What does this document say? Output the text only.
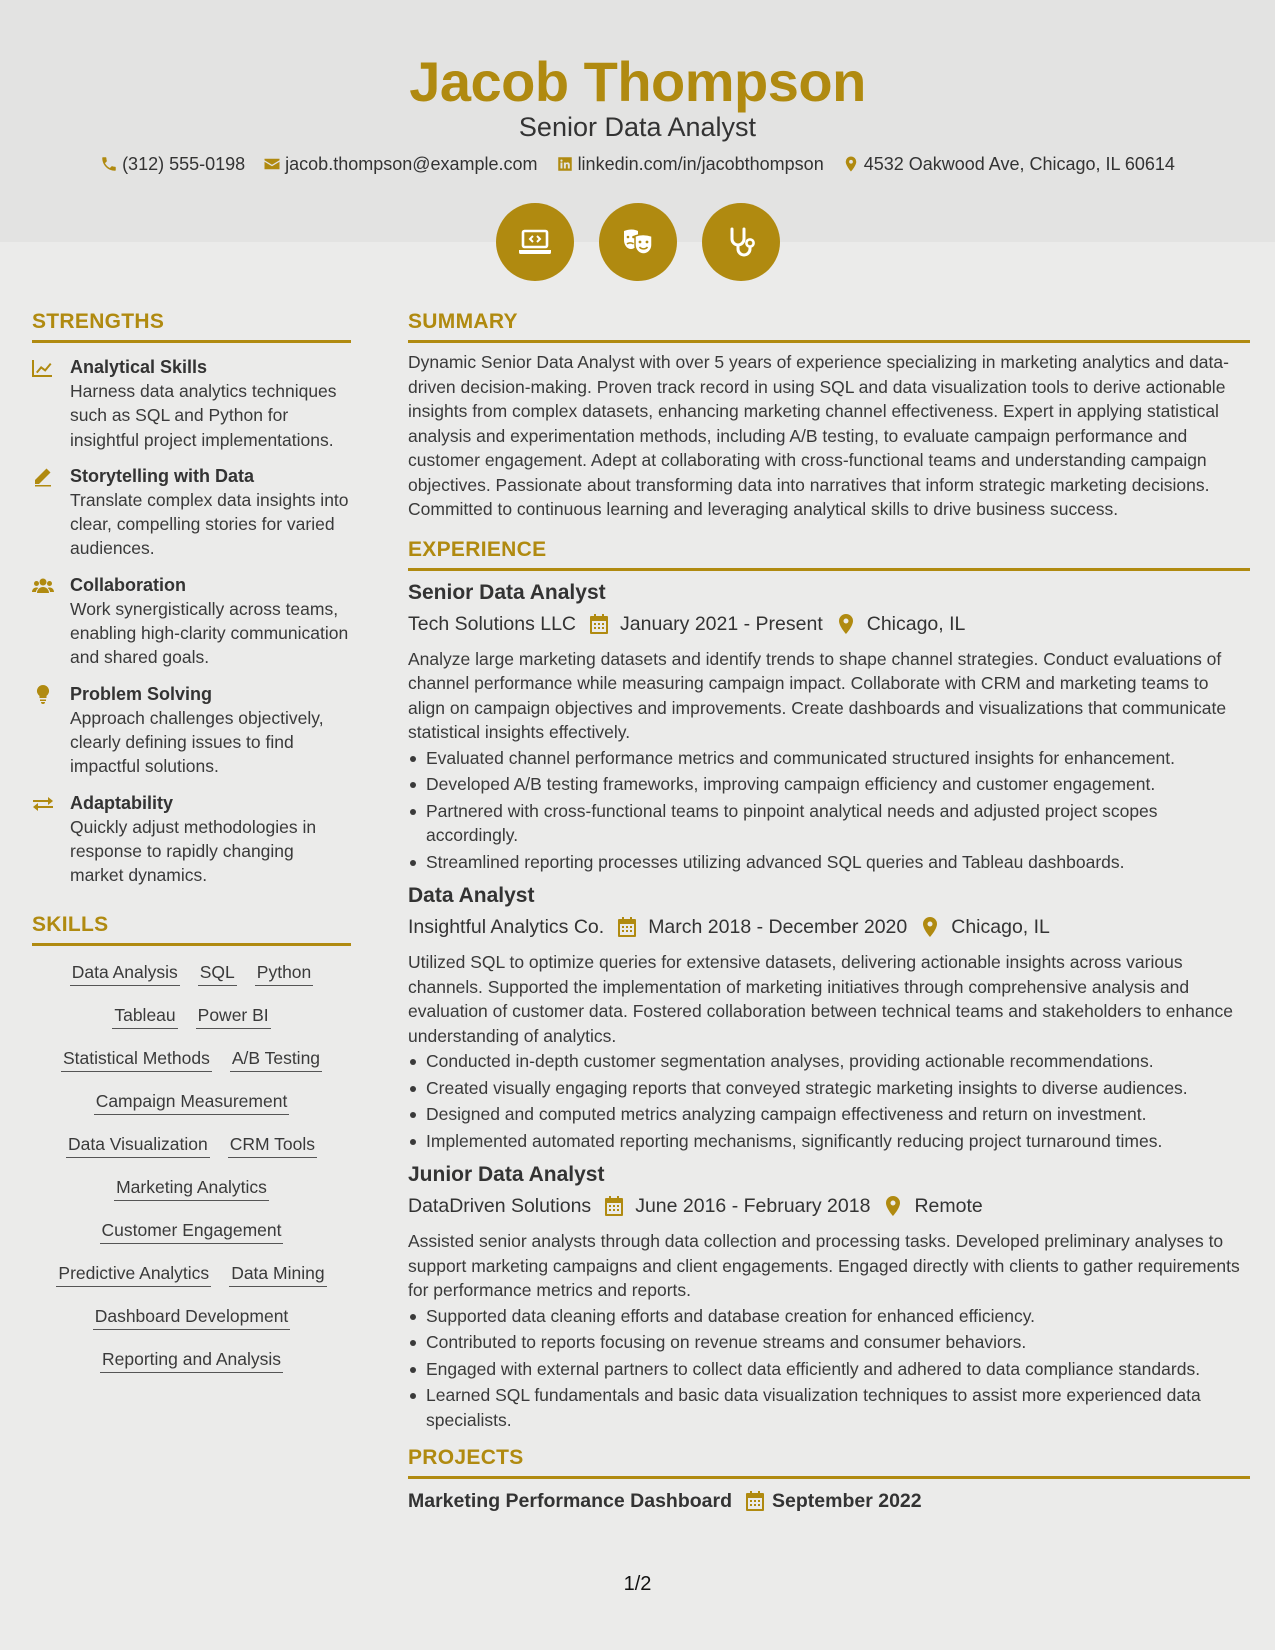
Jacob Thompson
Senior Data Analyst
(312) 555-0198 jacob.thompson@example.com linkedin.com/in/jacobthompson 4532 Oakwood Ave, Chicago, IL 60614
STRENGTHS
Analytical Skills
Harness data analytics techniques such as SQL and Python for insightful project implementations.
Storytelling with Data
Translate complex data insights into clear, compelling stories for varied audiences.
Collaboration
Work synergistically across teams, enabling high-clarity communication and shared goals.
Problem Solving
Approach challenges objectively, clearly defining issues to find impactful solutions.
Adaptability
Quickly adjust methodologies in response to rapidly changing market dynamics.
SKILLS
Data Analysis SQL Python
Tableau Power BI
Statistical Methods A/B Testing
Campaign Measurement
Data Visualization CRM Tools
Marketing Analytics
Customer Engagement
Predictive Analytics Data Mining
Dashboard Development
Reporting and Analysis
SUMMARY
Dynamic Senior Data Analyst with over 5 years of experience specializing in marketing analytics and data-driven decision-making. Proven track record in using SQL and data visualization tools to derive actionable insights from complex datasets, enhancing marketing channel effectiveness. Expert in applying statistical analysis and experimentation methods, including A/B testing, to evaluate campaign performance and customer engagement. Adept at collaborating with cross-functional teams and understanding campaign objectives. Passionate about transforming data into narratives that inform strategic marketing decisions. Committed to continuous learning and leveraging analytical skills to drive business success.
EXPERIENCE
Senior Data Analyst
Tech Solutions LLC January 2021 - Present Chicago, IL
Analyze large marketing datasets and identify trends to shape channel strategies. Conduct evaluations of channel performance while measuring campaign impact. Collaborate with CRM and marketing teams to align on campaign objectives and improvements. Create dashboards and visualizations that communicate statistical insights effectively.
Evaluated channel performance metrics and communicated structured insights for enhancement.
Developed A/B testing frameworks, improving campaign efficiency and customer engagement.
Partnered with cross-functional teams to pinpoint analytical needs and adjusted project scopes accordingly.
Streamlined reporting processes utilizing advanced SQL queries and Tableau dashboards.
Data Analyst
Insightful Analytics Co. March 2018 - December 2020 Chicago, IL
Utilized SQL to optimize queries for extensive datasets, delivering actionable insights across various channels. Supported the implementation of marketing initiatives through comprehensive analysis and evaluation of customer data. Fostered collaboration between technical teams and stakeholders to enhance understanding of analytics.
Conducted in-depth customer segmentation analyses, providing actionable recommendations.
Created visually engaging reports that conveyed strategic marketing insights to diverse audiences.
Designed and computed metrics analyzing campaign effectiveness and return on investment.
Implemented automated reporting mechanisms, significantly reducing project turnaround times.
Junior Data Analyst
DataDriven Solutions June 2016 - February 2018 Remote
Assisted senior analysts through data collection and processing tasks. Developed preliminary analyses to support marketing campaigns and client engagements. Engaged directly with clients to gather requirements for performance metrics and reports.
Supported data cleaning efforts and database creation for enhanced efficiency.
Contributed to reports focusing on revenue streams and consumer behaviors.
Engaged with external partners to collect data efficiently and adhered to data compliance standards.
Learned SQL fundamentals and basic data visualization techniques to assist more experienced data specialists.
PROJECTS
Marketing Performance Dashboard September 2022
1/2
